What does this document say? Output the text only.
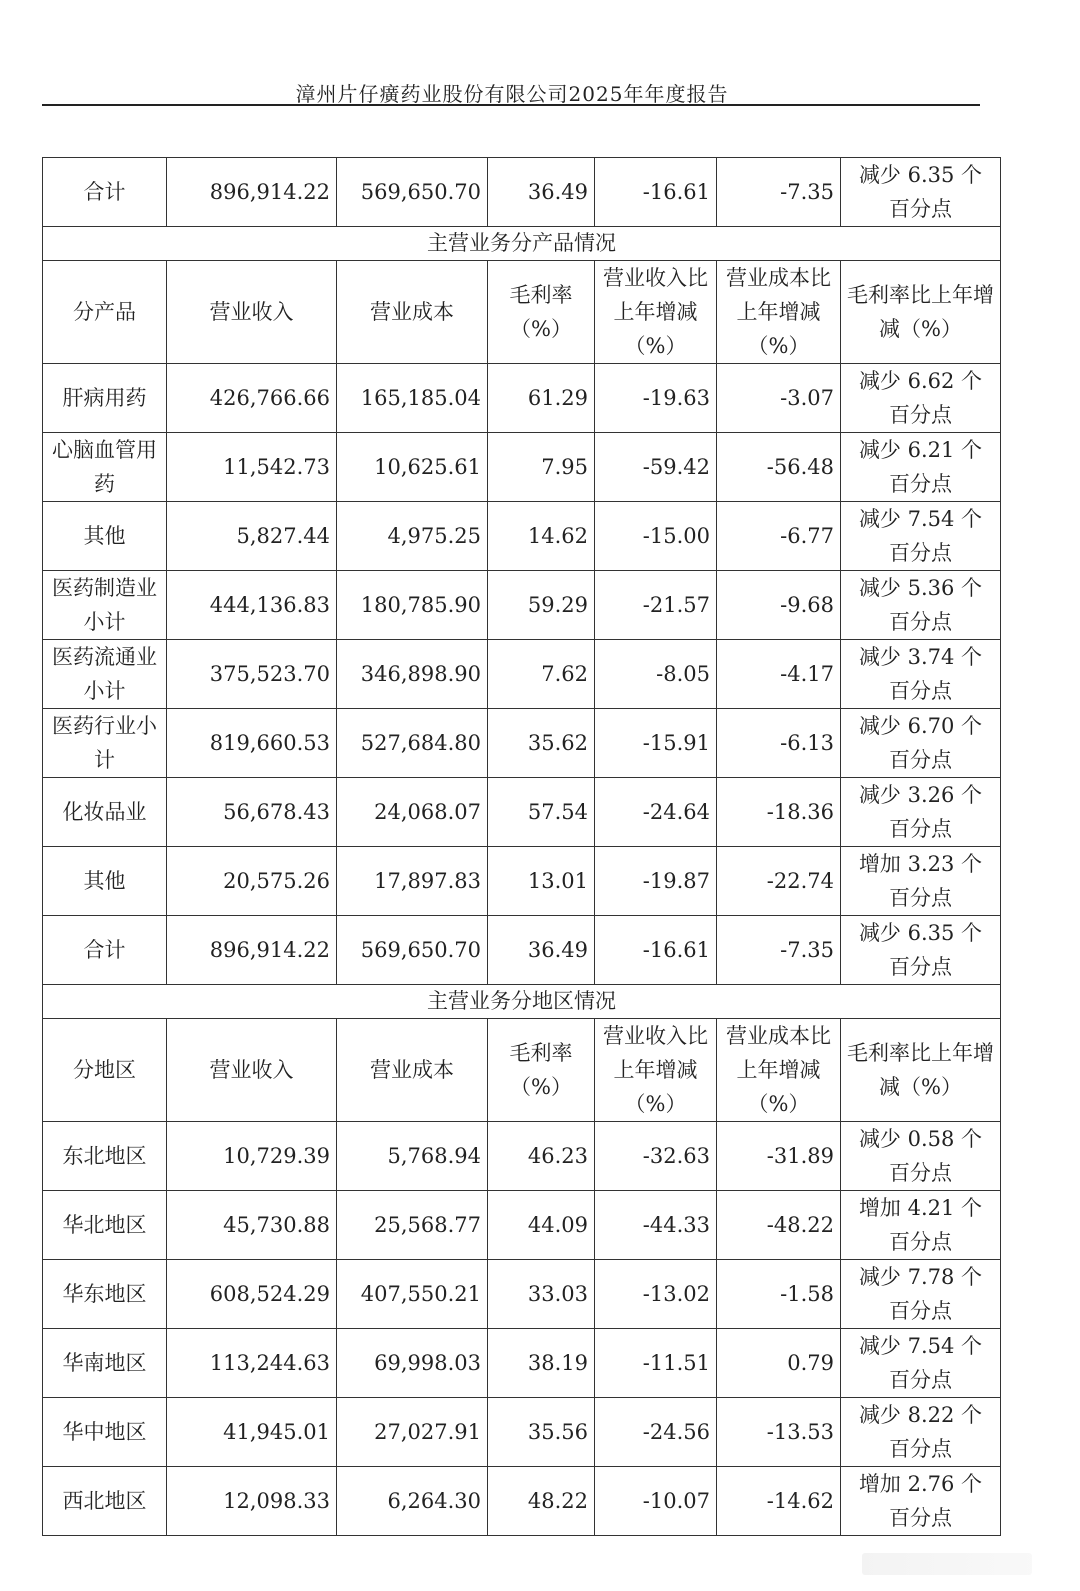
漳州片仔癀药业股份有限公司2025年年度报告
合计	896,914.22	569,650.70	36.49	-16.61	-7.35	减少 6.35 个
百分点

主营业务分产品情况						
分产品	营业收入	营业成本	毛利率（%）	营业收入比上年增减（%）	营业成本比上年增减（%）	毛利率比上年增减（%）
肝病用药	426,766.66	165,185.04	61.29	-19.63	-3.07	减少 6.62 个
百分点

心脑血管用药	11,542.73	10,625.61	7.95	-59.42	-56.48	减少 6.21 个
百分点

其他	5,827.44	4,975.25	14.62	-15.00	-6.77	减少 7.54 个
百分点

医药制造业小计	444,136.83	180,785.90	59.29	-21.57	-9.68	减少 5.36 个
百分点

医药流通业小计	375,523.70	346,898.90	7.62	-8.05	-4.17	减少 3.74 个
百分点

医药行业小计	819,660.53	527,684.80	35.62	-15.91	-6.13	减少 6.70 个
百分点

化妆品业	56,678.43	24,068.07	57.54	-24.64	-18.36	减少 3.26 个
百分点

其他	20,575.26	17,897.83	13.01	-19.87	-22.74	增加 3.23 个
百分点

合计	896,914.22	569,650.70	36.49	-16.61	-7.35	减少 6.35 个
百分点

主营业务分地区情况						
分地区	营业收入	营业成本	毛利率（%）	营业收入比上年增减（%）	营业成本比上年增减（%）	毛利率比上年增减（%）
东北地区	10,729.39	5,768.94	46.23	-32.63	-31.89	减少 0.58 个
百分点

华北地区	45,730.88	25,568.77	44.09	-44.33	-48.22	增加 4.21 个
百分点

华东地区	608,524.29	407,550.21	33.03	-13.02	-1.58	减少 7.78 个
百分点

华南地区	113,244.63	69,998.03	38.19	-11.51	0.79	减少 7.54 个
百分点

华中地区	41,945.01	27,027.91	35.56	-24.56	-13.53	减少 8.22 个
百分点

西北地区	12,098.33	6,264.30	48.22	-10.07	-14.62	增加 2.76 个
百分点
